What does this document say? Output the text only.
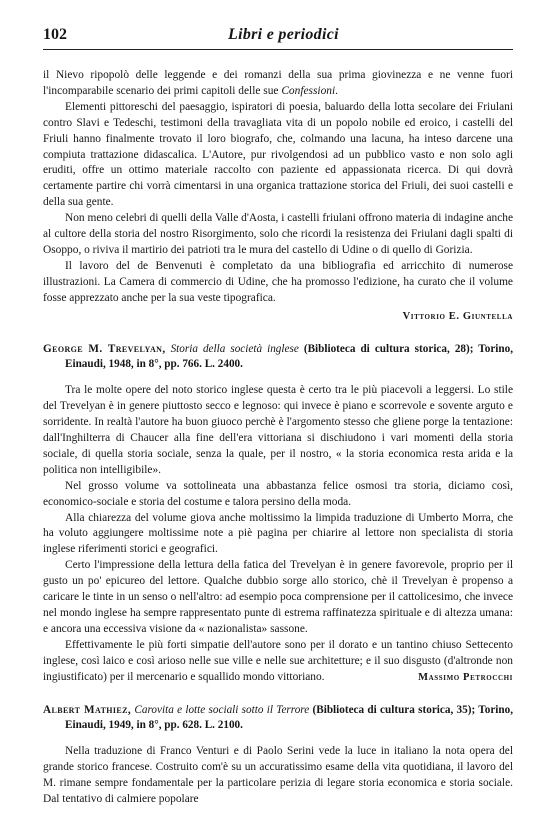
102	Libri e periodici

il Nievo ripopolò delle leggende e dei romanzi della sua prima giovinezza e ne venne fuori l'incomparabile scenario dei primi capitoli delle sue Confessioni.

Elementi pittoreschi del paesaggio, ispiratori di poesia, baluardo della lotta secolare dei Friulani contro Slavi e Tedeschi, testimoni della travagliata vita di un popolo nobile ed eroico, i castelli del Friuli hanno finalmente trovato il loro biografo, che, colmando una lacuna, ha inteso darcene una compiuta trattazione didascalica. L'Autore, pur rivolgendosi ad un pubblico vasto e non solo agli eruditi, offre un ottimo materiale raccolto con paziente ed appassionata ricerca. Di qui dovrà certamente partire chi vorrà cimentarsi in una organica trattazione storica del Friuli, dei suoi castelli e della sua gente.

Non meno celebri di quelli della Valle d'Aosta, i castelli friulani offrono materia di indagine anche al cultore della storia del nostro Risorgimento, solo che ricordi la resistenza dei Friulani dagli spalti di Osoppo, o riviva il martirio dei patrioti tra le mura del castello di Udine o di quello di Gorizia.

Il lavoro del de Benvenuti è completato da una bibliografia ed arricchito di numerose illustrazioni. La Camera di commercio di Udine, che ha promosso l'edizione, ha curato che il volume fosse apprezzato anche per la sua veste tipografica.

Vittorio E. Giuntella
George M. Trevelyan, Storia della società inglese (Biblioteca di cultura storica, 28); Torino, Einaudi, 1948, in 8°, pp. 766. L. 2400.

Tra le molte opere del noto storico inglese questa è certo tra le più piacevoli a leggersi. Lo stile del Trevelyan è in genere piuttosto secco e legnoso: qui invece è piano e scorrevole e sovente arguto e sorridente. In realtà l'autore ha buon giuoco perchè è l'argomento stesso che gliene porge la tentazione: dall'Inghilterra di Chaucer alla fine dell'era vittoriana si dischiudono i vari momenti della storia sociale, di quella storia sociale, senza la quale, per il nostro, « la storia economica resta arida e la politica non intelligibile».

Nel grosso volume va sottolineata una abbastanza felice osmosi tra storia, diciamo così, economico-sociale e storia del costume e talora persino della moda.

Alla chiarezza del volume giova anche moltissimo la limpida traduzione di Umberto Morra, che ha voluto aggiungere moltissime note a piè pagina per chiarire al lettore non specialista di storia inglese riferimenti storici e geografici.

Certo l'impressione della lettura della fatica del Trevelyan è in genere favorevole, proprio per il gusto un po' epicureo del lettore. Qualche dubbio sorge allo storico, chè il Trevelyan è propenso a caricare le tinte in un senso o nell'altro: ad esempio poca comprensione per il cattolicesimo, che invece nel mondo inglese ha sempre rappresentato punte di estrema raffinatezza spirituale e di altezza umana: e ancora una eccessiva visione da « nazionalista» sassone.

Effettivamente le più forti simpatie dell'autore sono per il dorato e un tantino chiuso Settecento inglese, così laico e così arioso nelle sue ville e nelle sue architetture; e il suo disgusto (d'altronde non ingiustificato) per il mercenario e squallido mondo vittoriano.	Massimo Petrocchi
Albert Mathiez, Carovita e lotte sociali sotto il Terrore (Biblioteca di cultura storica, 35); Torino, Einaudi, 1949, in 8°, pp. 628. L. 2100.

Nella traduzione di Franco Venturi e di Paolo Serini vede la luce in italiano la nota opera del grande storico francese. Costruito com'è su un accuratissimo esame della vita quotidiana, il lavoro del M. rimane sempre fondamentale per la particolare perizia di legare storia economica e storia sociale. Dal tentativo di calmiere popolare
